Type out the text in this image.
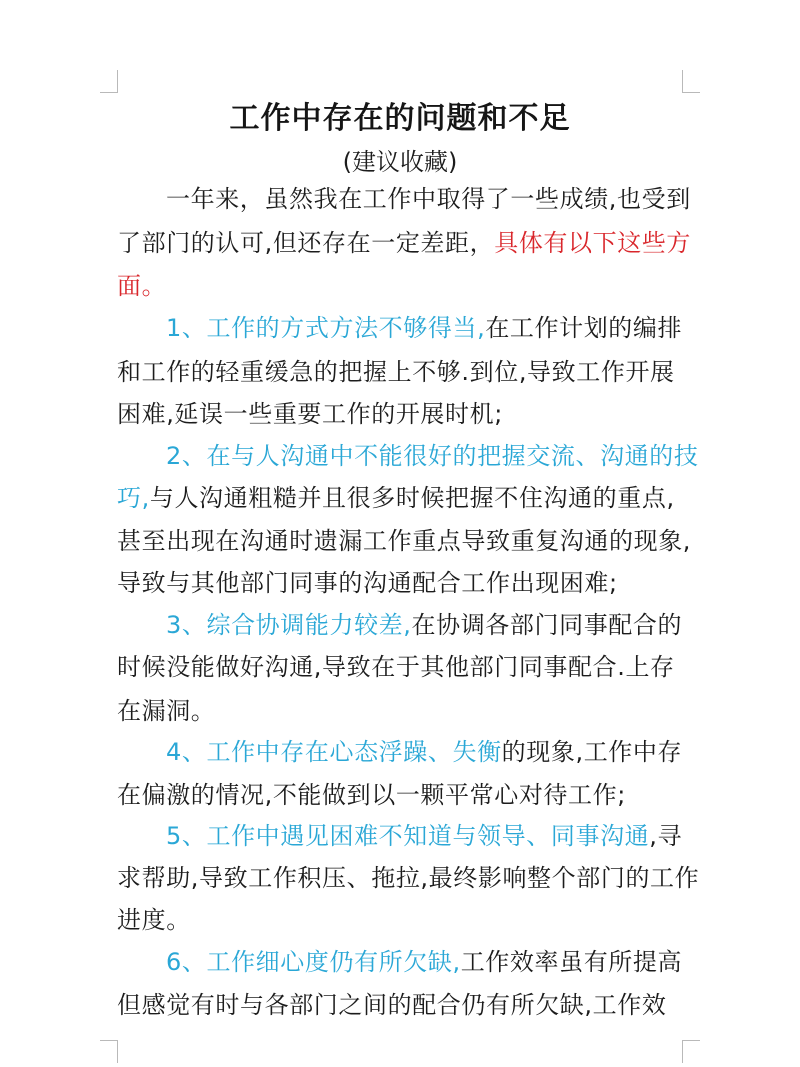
工作中存在的问题和不足
(建议收藏)
一年来，虽然我在工作中取得了一些成绩,也受到
了部门的认可,但还存在一定差距，具体有以下这些方
面。
1、工作的方式方法不够得当,在工作计划的编排
和工作的轻重缓急的把握上不够.到位,导致工作开展
困难,延误一些重要工作的开展时机;
2、在与人沟通中不能很好的把握交流、沟通的技
巧,与人沟通粗糙并且很多时候把握不住沟通的重点,
甚至出现在沟通时遗漏工作重点导致重复沟通的现象,
导致与其他部门同事的沟通配合工作出现困难;
3、综合协调能力较差,在协调各部门同事配合的
时候没能做好沟通,导致在于其他部门同事配合.上存
在漏洞。
4、工作中存在心态浮躁、失衡的现象,工作中存
在偏激的情况,不能做到以一颗平常心对待工作;
5、工作中遇见困难不知道与领导、同事沟通,寻
求帮助,导致工作积压、拖拉,最终影响整个部门的工作
进度。
6、工作细心度仍有所欠缺,工作效率虽有所提高
但感觉有时与各部门之间的配合仍有所欠缺,工作效
